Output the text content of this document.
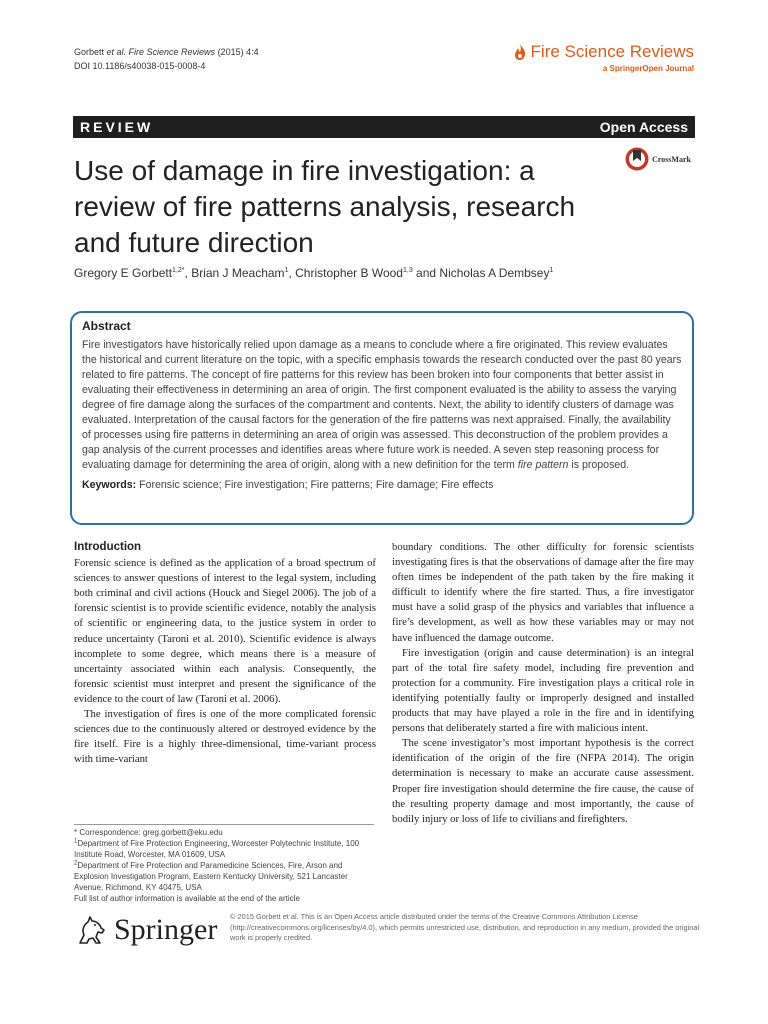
Gorbett et al. Fire Science Reviews (2015) 4:4
DOI 10.1186/s40038-015-0008-4
Fire Science Reviews
a SpringerOpen Journal
REVIEW	Open Access
Use of damage in fire investigation: a review of fire patterns analysis, research and future direction
CrossMark
Gregory E Gorbett$^{1,2*}$, Brian J Meacham$^1$, Christopher B Wood$^{1,3}$ and Nicholas A Dembsey$^1$
Abstract

Fire investigators have historically relied upon damage as a means to conclude where a fire originated. This review evaluates the historical and current literature on the topic, with a specific emphasis towards the research conducted over the past 80 years related to fire patterns. The concept of fire patterns for this review has been broken into four components that better assist in evaluating their effectiveness in determining an area of origin. The first component evaluated is the ability to assess the varying degree of fire damage along the surfaces of the compartment and contents. Next, the ability to identify clusters of damage was evaluated. Interpretation of the causal factors for the generation of the fire patterns was next appraised. Finally, the availability of processes using fire patterns in determining an area of origin was assessed. This deconstruction of the problem provides a gap analysis of the current processes and identifies areas where future work is needed. A seven step reasoning process for evaluating damage for determining the area of origin, along with a new definition for the term fire pattern is proposed.

Keywords: Forensic science; Fire investigation; Fire patterns; Fire damage; Fire effects

Introduction

Forensic science is defined as the application of a broad spectrum of sciences to answer questions of interest to the legal system, including both criminal and civil actions (Houck and Siegel 2006). The job of a forensic scientist is to provide scientific evidence, notably the analysis of scientific or engineering data, to the justice system in order to reduce uncertainty (Taroni et al. 2010). Scientific evidence is always incomplete to some degree, which means there is a measure of uncertainty associated within each analysis. Consequently, the forensic scientist must interpret and present the significance of the evidence to the court of law (Taroni et al. 2006).

The investigation of fires is one of the more complicated forensic sciences due to the continuously altered or destroyed evidence by the fire itself. Fire is a highly three-dimensional, time-variant process with time-variant

boundary conditions. The other difficulty for forensic scientists investigating fires is that the observations of damage after the fire may often times be independent of the path taken by the fire making it difficult to identify where the fire started. Thus, a fire investigator must have a solid grasp of the physics and variables that influence a fire’s development, as well as how these variables may or may not have influenced the damage outcome.

Fire investigation (origin and cause determination) is an integral part of the total fire safety model, including fire prevention and protection for a community. Fire investigation plays a critical role in identifying potentially faulty or improperly designed and installed products that may have played a role in the fire and in identifying persons that deliberately started a fire with malicious intent.

The scene investigator’s most important hypothesis is the correct identification of the origin of the fire (NFPA 2014). The origin determination is necessary to make an accurate cause assessment. Proper fire investigation should determine the fire cause, the cause of the resulting property damage and most importantly, the cause of bodily injury or loss of life to civilians and firefighters.

* Correspondence: greg.gorbett@eku.edu

$^1$Department of Fire Protection Engineering, Worcester Polytechnic Institute, 100 Institute Road, Worcester, MA 01609, USA

$^2$Department of Fire Protection and Paramedicine Sciences, Fire, Arson and Explosion Investigation Program, Eastern Kentucky University, 521 Lancaster Avenue, Richmond, KY 40475, USA

Full list of author information is available at the end of the article

Springer © 2015 Gorbett et al. This is an Open Access article distributed under the terms of the Creative Commons Attribution License (http://creativecommons.org/licenses/by/4.0), which permits unrestricted use, distribution, and reproduction in any medium, provided the original work is properly credited.
